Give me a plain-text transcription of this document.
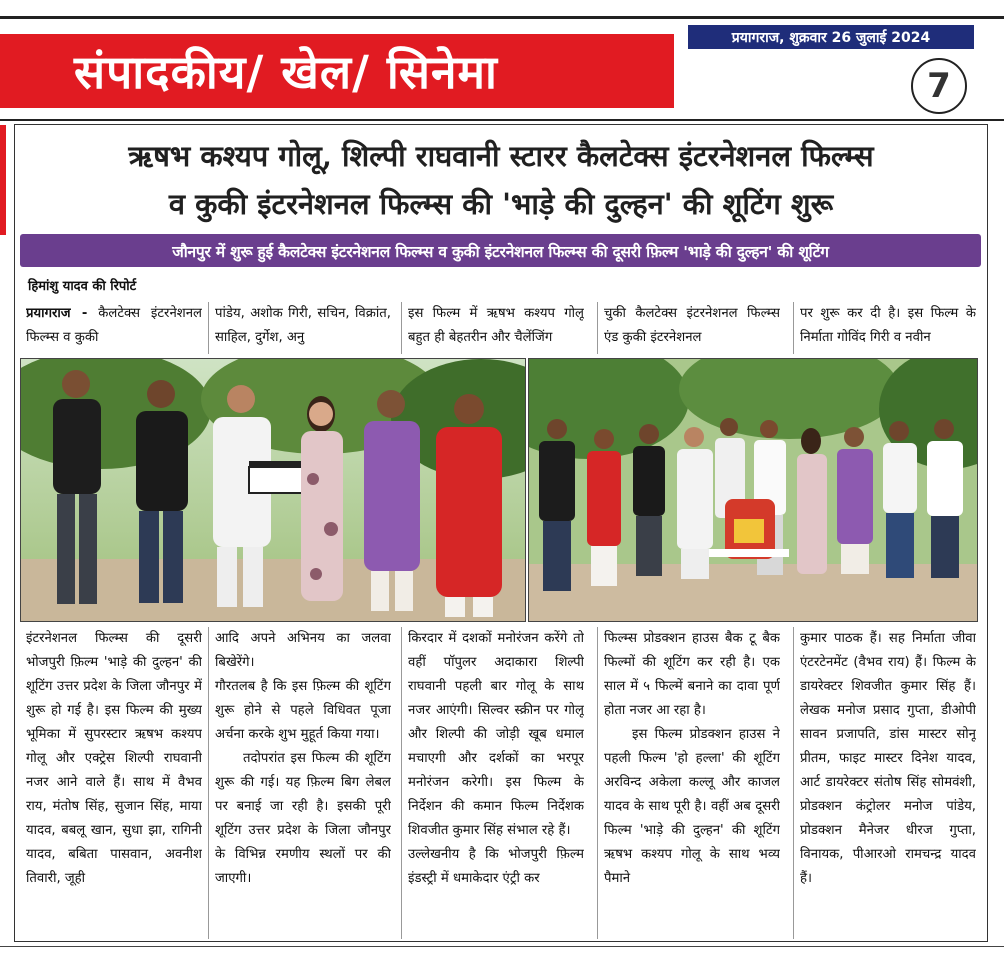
संपादकीय/ खेल/ सिनेमा
प्रयागराज, शुक्रवार 26 जुलाई 2024
7
ऋषभ कश्यप गोलू, शिल्पी राघवानी स्टारर कैलटेक्स इंटरनेशनल फिल्म्स
व कुकी इंटरनेशनल फिल्म्स की 'भाड़े की दुल्हन' की शूटिंग शुरू
जौनपुर में शुरू हुई कैलटेक्स इंटरनेशनल फिल्म्स व कुकी इंटरनेशनल फिल्म्स की दूसरी फ़िल्म 'भाड़े की दुल्हन' की शूटिंग
हिमांशु यादव की रिपोर्ट
प्रयागराज - कैलटेक्स इंटरनेशनल फिल्म्स व कुकी
पांडेय, अशोक गिरी, सचिन, विक्रांत, साहिल, दुर्गेश, अनु
इस फिल्म में ऋषभ कश्यप गोलू बहुत ही बेहतरीन और चैलेंजिंग
चुकी कैलटेक्स इंटरनेशनल फिल्म्स एंड कुकी इंटरनेशनल
पर शुरू कर दी है। इस फिल्म के निर्माता गोविंद गिरी व नवीन
इंटरनेशनल फिल्म्स की दूसरी भोजपुरी फ़िल्म 'भाड़े की दुल्हन' की शूटिंग उत्तर प्रदेश के जिला जौनपुर में शुरू हो गई है। इस फिल्म की मुख्य भूमिका में सुपरस्टार ऋषभ कश्यप गोलू और एक्ट्रेस शिल्पी राघवानी नजर आने वाले हैं। साथ में वैभव राय, मंतोष सिंह, सुजान सिंह, माया यादव, बबलू खान, सुधा झा, रागिनी यादव, बबिता पासवान, अवनीश तिवारी, जूही

आदि अपने अभिनय का जलवा बिखेरेंगे।

गौरतलब है कि इस फ़िल्म की शूटिंग शुरू होने से पहले विधिवत पूजा अर्चना करके शुभ मुहूर्त किया गया।

तदोपरांत इस फिल्म की शूटिंग शुरू की गई। यह फ़िल्म बिग लेबल पर बनाई जा रही है। इसकी पूरी शूटिंग उत्तर प्रदेश के जिला जौनपुर के विभिन्न रमणीय स्थलों पर की जाएगी।

किरदार में दशकों मनोरंजन करेंगे तो वहीं पॉपुलर अदाकारा शिल्पी राघवानी पहली बार गोलू के साथ नजर आएंगी। सिल्वर स्क्रीन पर गोलू और शिल्पी की जोड़ी खूब धमाल मचाएगी और दर्शकों का भरपूर मनोरंजन करेगी। इस फिल्म के निर्देशन की कमान फिल्म निर्देशक शिवजीत कुमार सिंह संभाल रहे हैं।

उल्लेखनीय है कि भोजपुरी फ़िल्म इंडस्ट्री में धमाकेदार एंट्री कर

फिल्म्स प्रोडक्शन हाउस बैक टू बैक फिल्मों की शूटिंग कर रही है। एक साल में ५ फिल्में बनाने का दावा पूर्ण होता नजर आ रहा है।

इस फिल्म प्रोडक्शन हाउस ने पहली फिल्म 'हो हल्ला' की शूटिंग अरविन्द अकेला कल्लू और काजल यादव के साथ पूरी है। वहीं अब दूसरी फिल्म 'भाड़े की दुल्हन' की शूटिंग ऋषभ कश्यप गोलू के साथ भव्य पैमाने

कुमार पाठक हैं। सह निर्माता जीवा एंटरटेनमेंट (वैभव राय) हैं। फिल्म के डायरेक्टर शिवजीत कुमार सिंह हैं। लेखक मनोज प्रसाद गुप्ता, डीओपी सावन प्रजापति, डांस मास्टर सोनू प्रीतम, फाइट मास्टर दिनेश यादव, आर्ट डायरेक्टर संतोष सिंह सोमवंशी, प्रोडक्शन कंट्रोलर मनोज पांडेय, प्रोडक्शन मैनेजर धीरज गुप्ता, विनायक, पीआरओ रामचन्द्र यादव हैं।
